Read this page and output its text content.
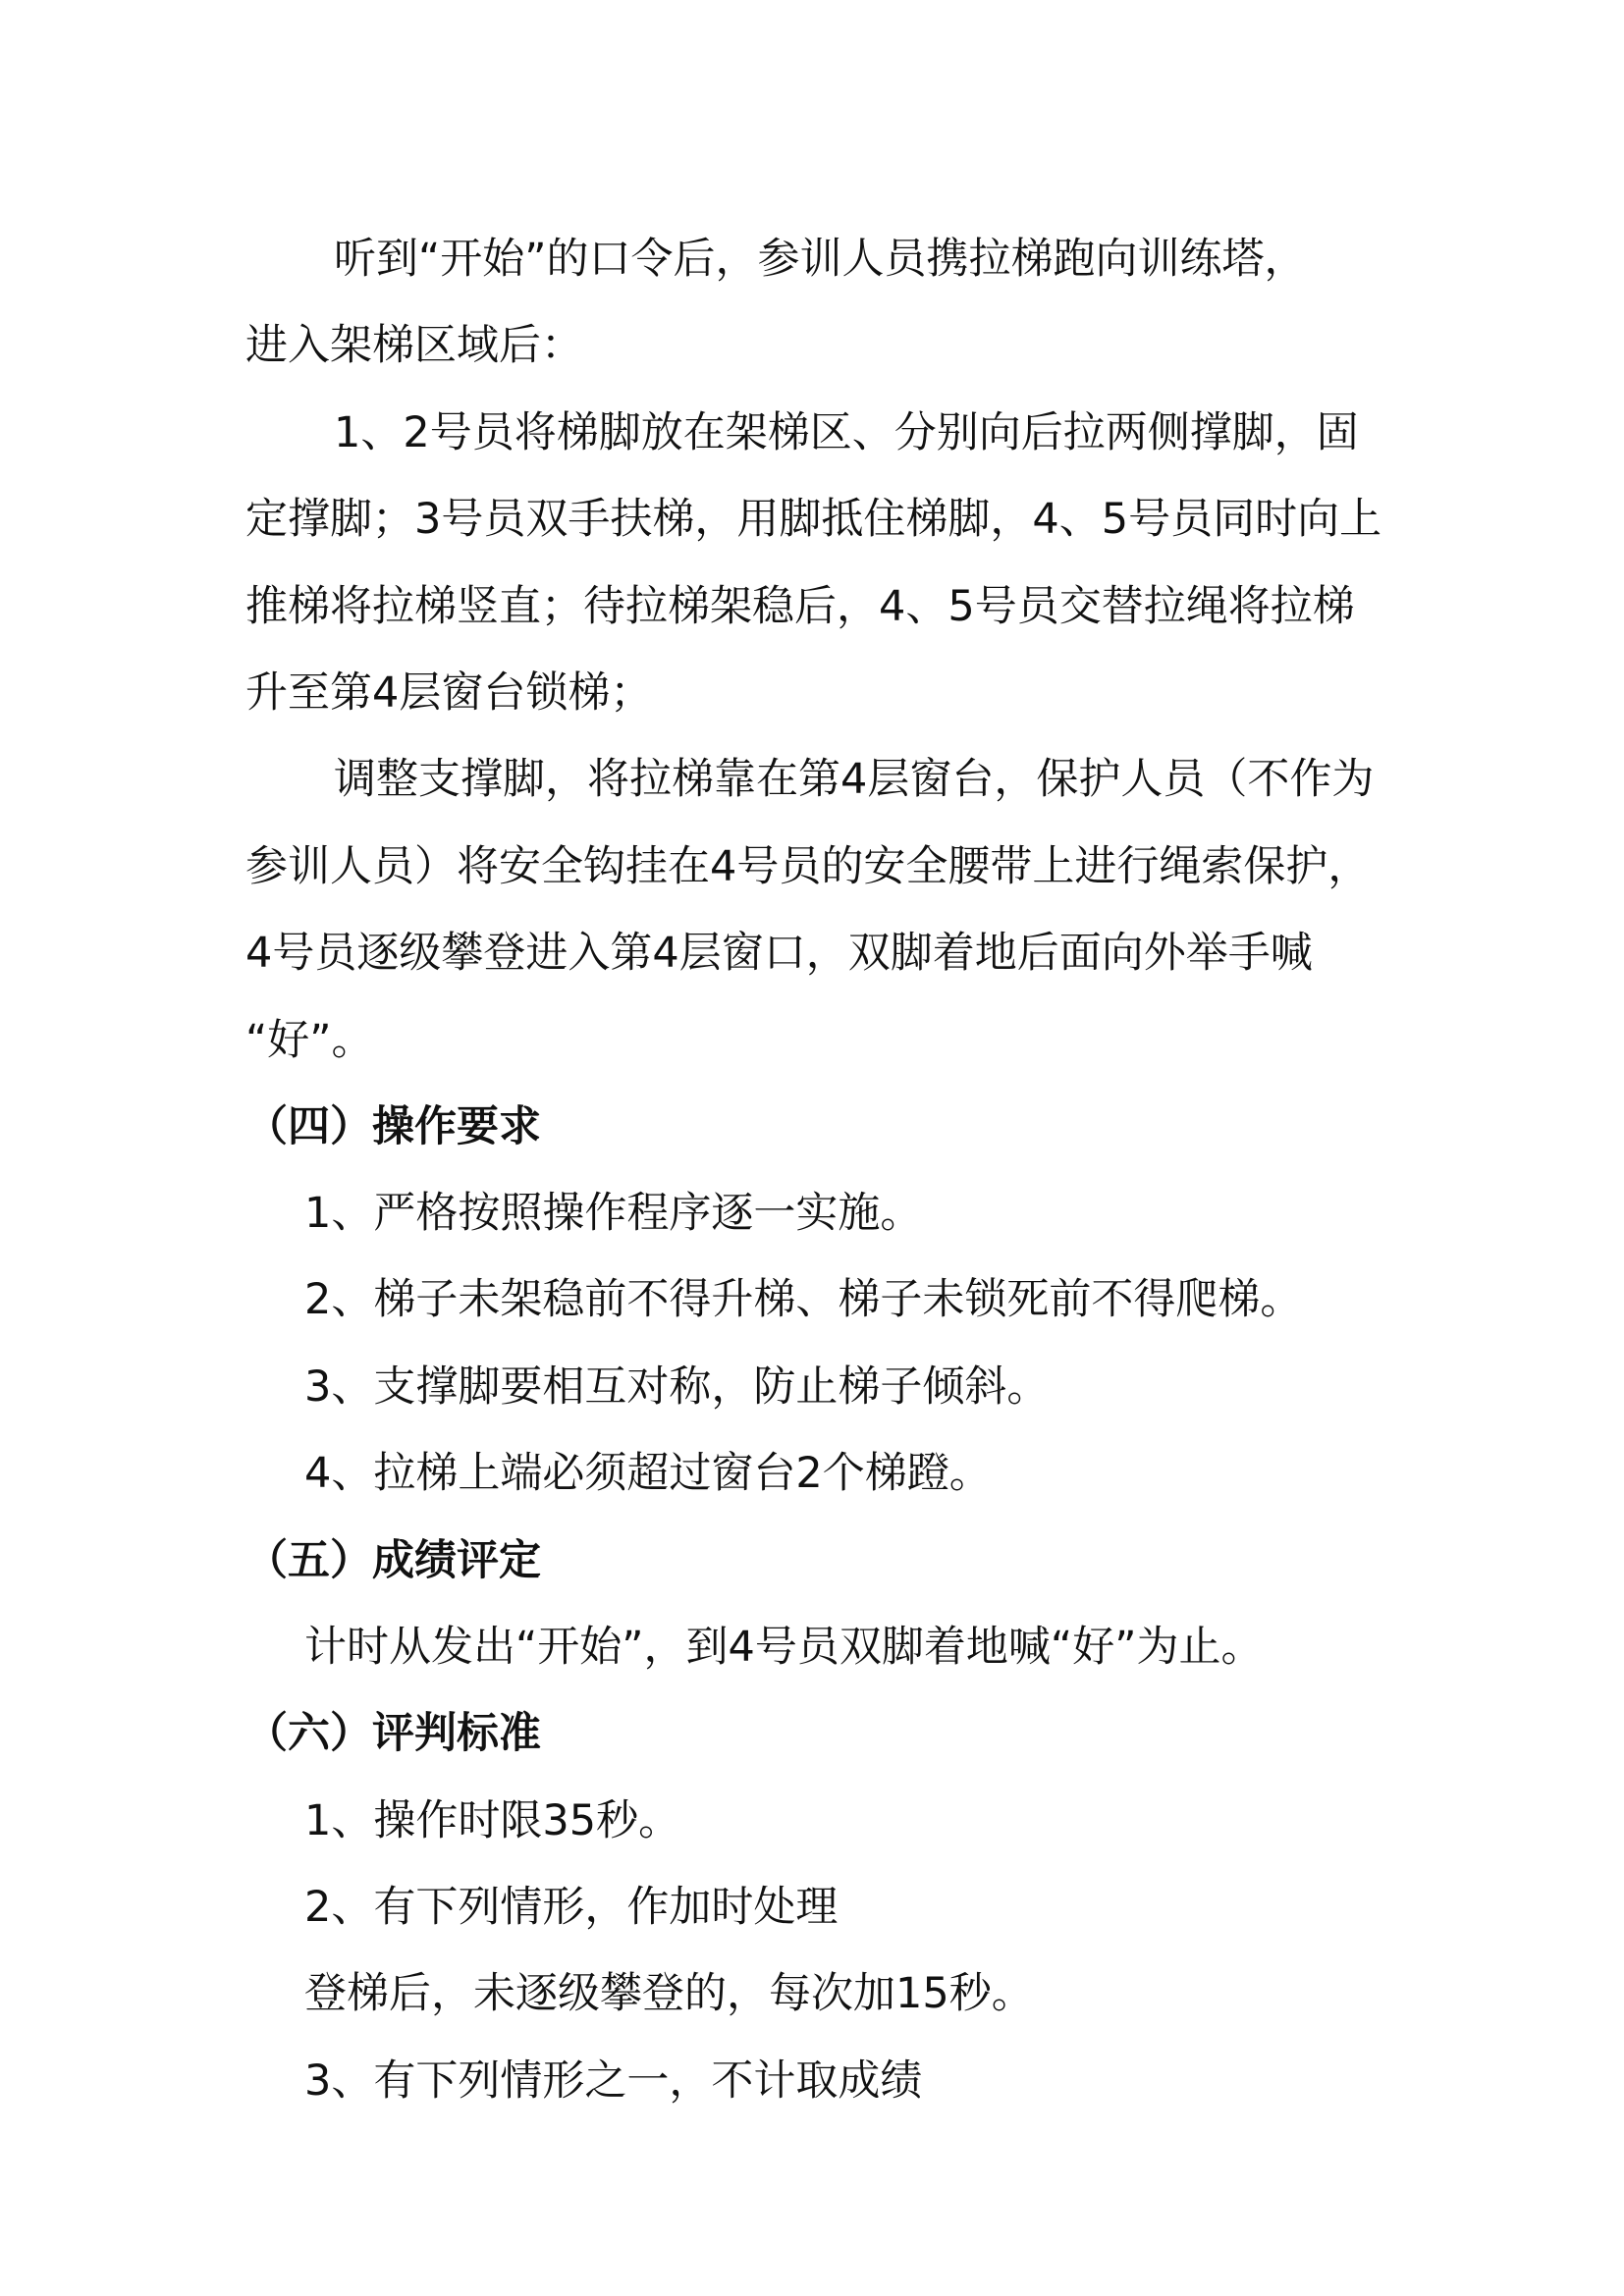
听到“开始”的口令后，参训人员携拉梯跑向训练塔，
进入架梯区域后：
1、2号员将梯脚放在架梯区、分别向后拉两侧撑脚，固
定撑脚；3号员双手扶梯，用脚抵住梯脚，4、5号员同时向上
推梯将拉梯竖直；待拉梯架稳后，4、5号员交替拉绳将拉梯
升至第4层窗台锁梯；
调整支撑脚，将拉梯靠在第4层窗台，保护人员（不作为
参训人员）将安全钩挂在4号员的安全腰带上进行绳索保护，
4号员逐级攀登进入第4层窗口，双脚着地后面向外举手喊
“好”。
（四）操作要求
1、严格按照操作程序逐一实施。
2、梯子未架稳前不得升梯、梯子未锁死前不得爬梯。
3、支撑脚要相互对称，防止梯子倾斜。
4、拉梯上端必须超过窗台2个梯蹬。
（五）成绩评定
计时从发出“开始”，到4号员双脚着地喊“好”为止。
（六）评判标准
1、操作时限35秒。
2、有下列情形，作加时处理
登梯后，未逐级攀登的，每次加15秒。
3、有下列情形之一，不计取成绩
